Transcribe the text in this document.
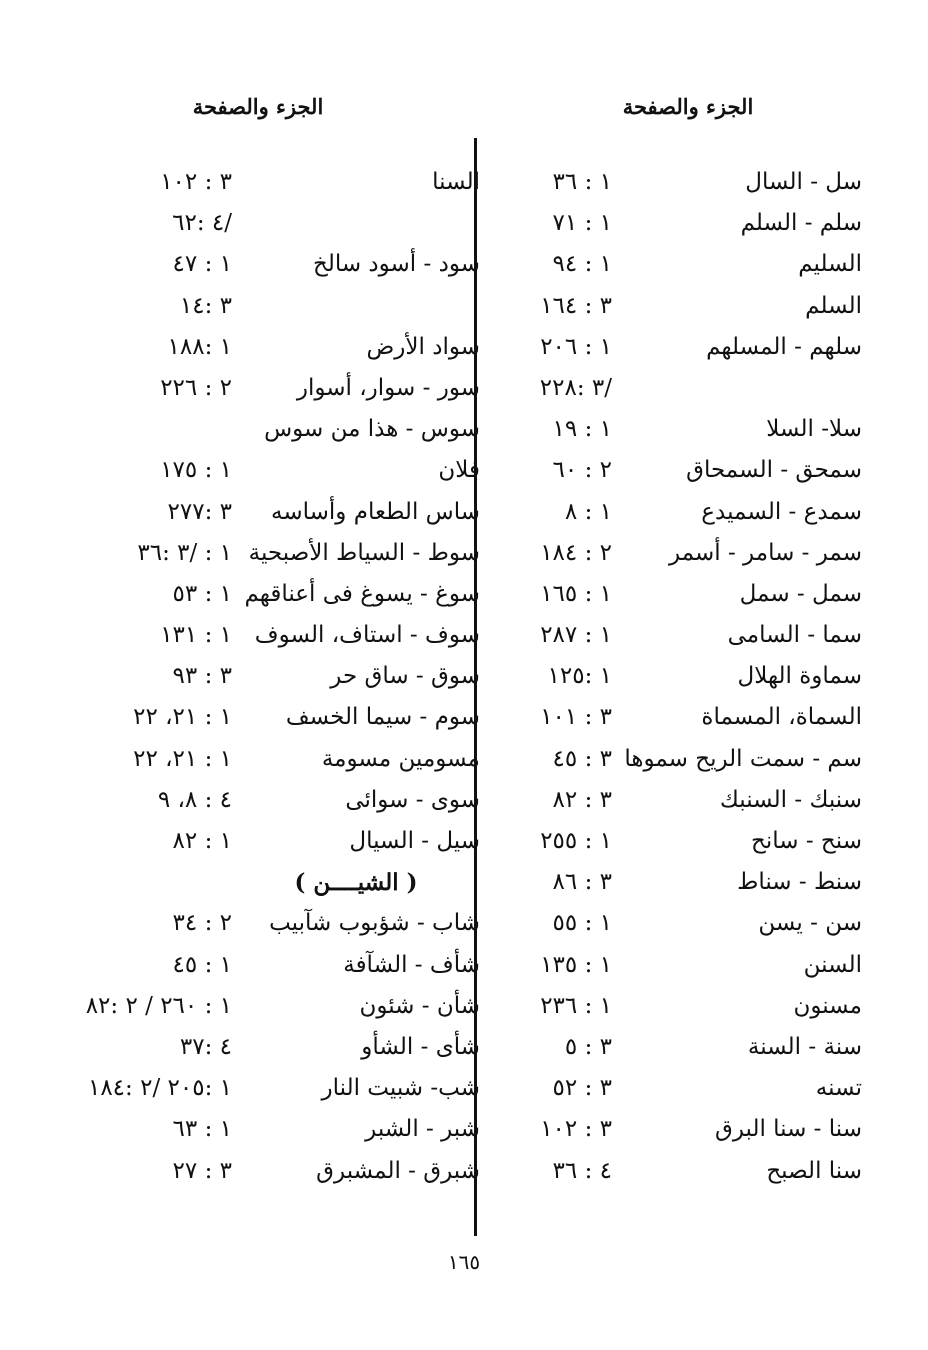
الجزء والصفحة
الجزء والصفحة
سل - السال
١ : ٣٦
سلم - السلم
١ : ٧١
السليم
١ : ٩٤
السلم
٣ : ١٦٤
سلهم - المسلهم
١ : ٢٠٦
/٣ :٢٢٨
سلا- السلا
١ : ١٩
سمحق - السمحاق
٢ : ٦٠
سمدع - السميدع
١ : ٨
سمر - سامر - أسمر
٢ : ١٨٤
سمل - سمل
١ : ١٦٥
سما - السامى
١ : ٢٨٧
سماوة الهلال
١ :١٢٥
السماة، المسماة
٣ : ١٠١
سم - سمت الريح سموها
٣ : ٤٥
سنبك - السنبك
٣ : ٨٢
سنح - سانح
١ : ٢٥٥
سنط - سناط
٣ : ٨٦
سن - يسن
١ : ٥٥
السنن
١ : ١٣٥
مسنون
١ : ٢٣٦
سنة - السنة
٣ : ٥
تسنه
٣ : ٥٢
سنا - سنا البرق
٣ : ١٠٢
سنا الصبح
٤ : ٣٦
السنا
٣ : ١٠٢
/٤ :٦٢
سود - أسود سالخ
١ : ٤٧
٣ :١٤
سواد الأرض
١ :١٨٨
سور - سوار، أسوار
٢ : ٢٢٦
سوس - هذا من سوس
فلان
١ : ١٧٥
ساس الطعام وأساسه
٣ :٢٧٧
سوط - السياط الأصبحية
١ : /٣ :٣٦
سوغ - يسوغ فى أعناقهم
١ : ٥٣
سوف - استاف، السوف
١ : ١٣١
سوق - ساق حر
٣ : ٩٣
سوم - سيما الخسف
١ : ٢١، ٢٢
مسومين مسومة
١ : ٢١، ٢٢
سوى - سوائى
٤ : ٨، ٩
سيل - السيال
١ : ٨٢
( الشيــــن )
شاب - شؤبوب شآبيب
٢ : ٣٤
شأف - الشآفة
١ : ٤٥
شأن - شئون
١ : ٢٦٠ / ٢ :٨٢
شأى - الشأو
٤ :٣٧
شب- شبيت النار
١ :٢٠٥ /٢ :١٨٤
شبر - الشبر
١ : ٦٣
شبرق - المشبرق
٣ : ٢٧
١٦٥
